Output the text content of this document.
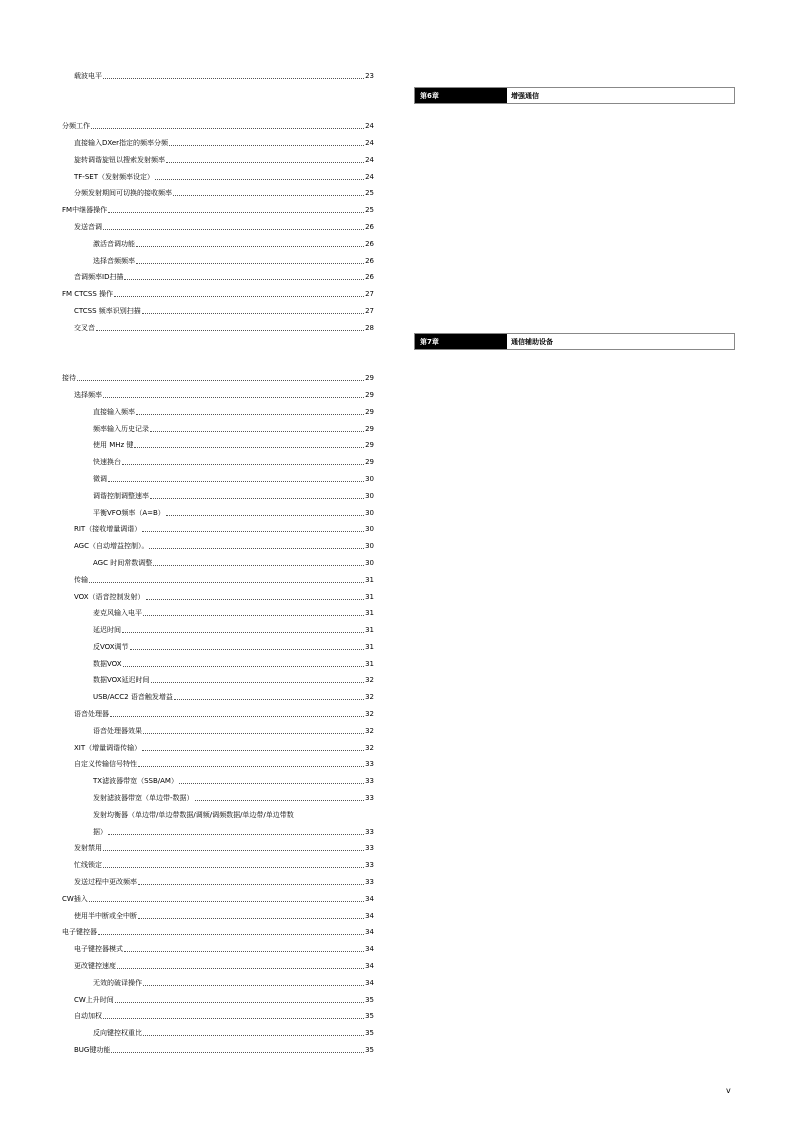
载波电平	23
分频工作	24
直接输入DXer指定的频率分频	24
旋转调谐旋钮以搜索发射频率	24
TF-SET（发射频率设定）	24
分频发射期间可切换的接收频率	25
FM中继器操作	25
发送音调	26
激活音调功能	26
选择音频频率	26
音调频率ID扫描	26
FM CTCSS 操作	27
CTCSS 频率识别扫描	27
交叉音	28
接待	29
选择频率	29
直接输入频率	29
频率输入历史记录	29
使用 MHz 键	29
快速换台	29
微调	30
调谐控制调整速率	30
平衡VFO频率（A=B）	30
RIT（接收增量调谐）	30
AGC（自动增益控制）。	30
AGC 时间常数调整	30
传输	31
VOX（语音控制发射）	31
麦克风输入电平	31
延迟时间	31
反VOX调节	31
数据VOX	31
数据VOX延迟时间	32
USB/ACC2 语音触发增益	32
语音处理器	32
语音处理器效果	32
XIT（增量调谐传输）	32
自定义传输信号特性	33
TX滤波器带宽（SSB/AM）	33
发射滤波器带宽（单边带-数据）	33
发射均衡器（单边带/单边带数据/调频/调频数据/单边带/单边带数
据）	33
发射禁用	33
忙线锁定	33
发送过程中更改频率	33
CW插入	34
使用半中断或全中断	34
电子键控器	34
电子键控器模式	34
更改键控速度	34
无效的破译操作	34
CW上升时间	35
自动加权	35
反向键控权重比	35
BUG键功能	35
第6章	增强通信
第7章	通信辅助设备
v
